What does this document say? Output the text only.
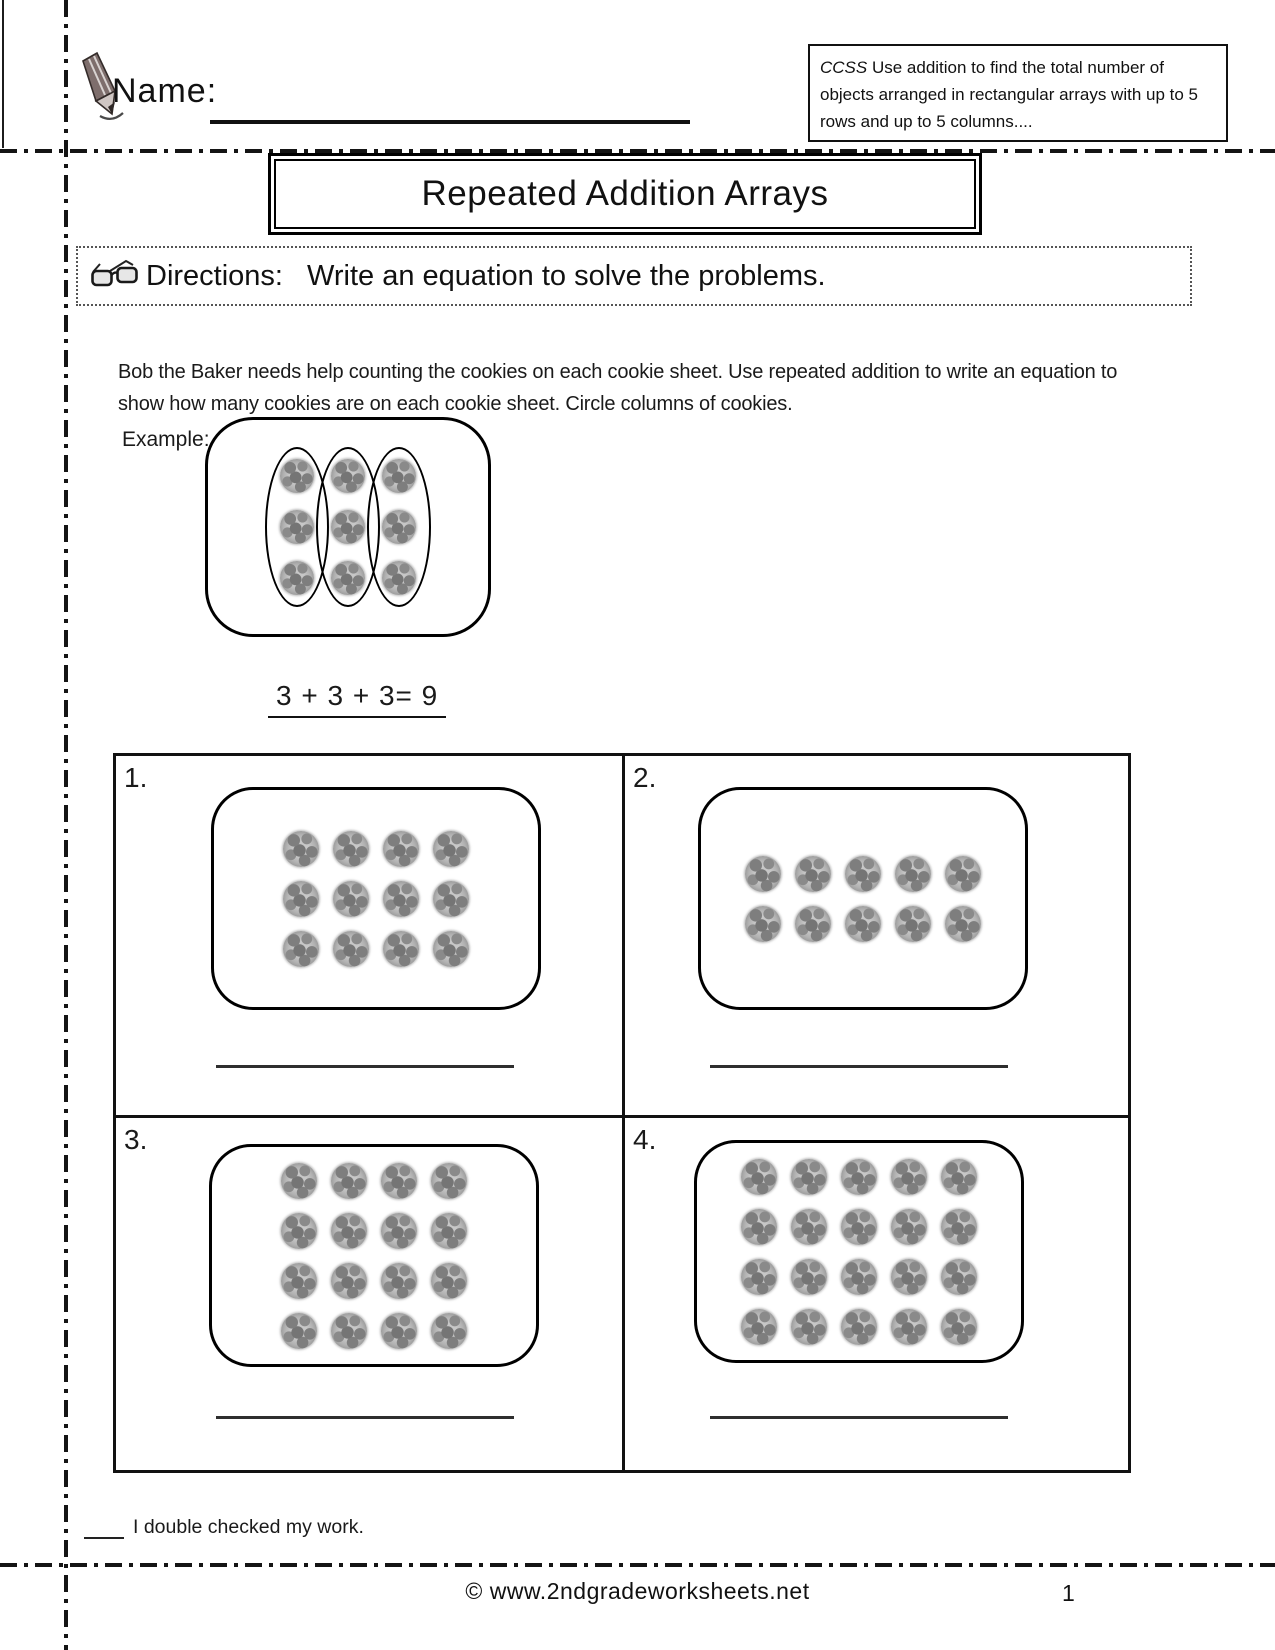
Name:
CCSS Use addition to find the total number of
objects arranged in rectangular arrays with up to 5
rows and up to 5 columns....
Repeated Addition Arrays
Directions: Write an equation to solve the problems.
Bob the Baker needs help counting the cookies on each cookie sheet. Use repeated addition to write an equation to
show how many cookies are on each cookie sheet. Circle columns of cookies.
Example:
3 + 3 + 3= 9
1.	2.
3.	4.
I double checked my work.
© www.2ndgradeworksheets.net	1
